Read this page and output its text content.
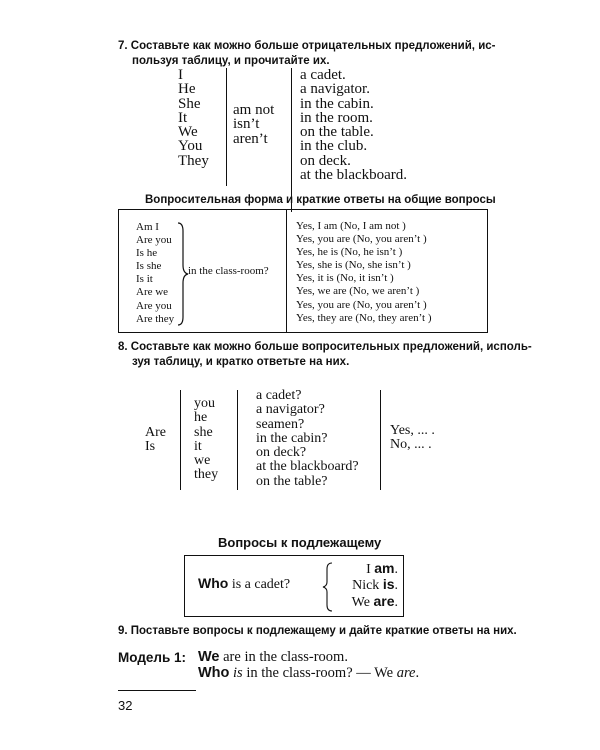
7. Составьте как можно больше отрицательных предложений, ис-
пользуя таблицу, и прочитайте их.
I
He
She
It
We
You
They
am not
isn’t
aren’t
a cadet.
a navigator.
in the cabin.
in the room.
on the table.
in the club.
on deck.
at the blackboard.
Вопросительная форма и краткие ответы на общие вопросы
Am I
Are you
Is he
Is she
Is it
Are we
Are you
Are they
in the class-room?
Yes, I am (No, I am not )
Yes, you are (No, you aren’t )
Yes, he is (No, he isn’t )
Yes, she is (No, she isn’t )
Yes, it is (No, it isn’t )
Yes, we are (No, we aren’t )
Yes, you are (No, you aren’t )
Yes, they are (No, they aren’t )
8. Составьте как можно больше вопросительных предложений, исполь-
зуя таблицу, и кратко ответьте на них.
Are
Is
you
he
she
it
we
they
a cadet?
a navigator?
seamen?
in the cabin?
on deck?
at the blackboard?
on the table?
Yes, ... .
No, ... .
Вопросы к подлежащему
Who is a cadet?
I am.
Nick is.
We are.
9. Поставьте вопросы к подлежащему и дайте краткие ответы на них.
Модель 1: We are in the class-room.
Who is in the class-room? — We are.
32
